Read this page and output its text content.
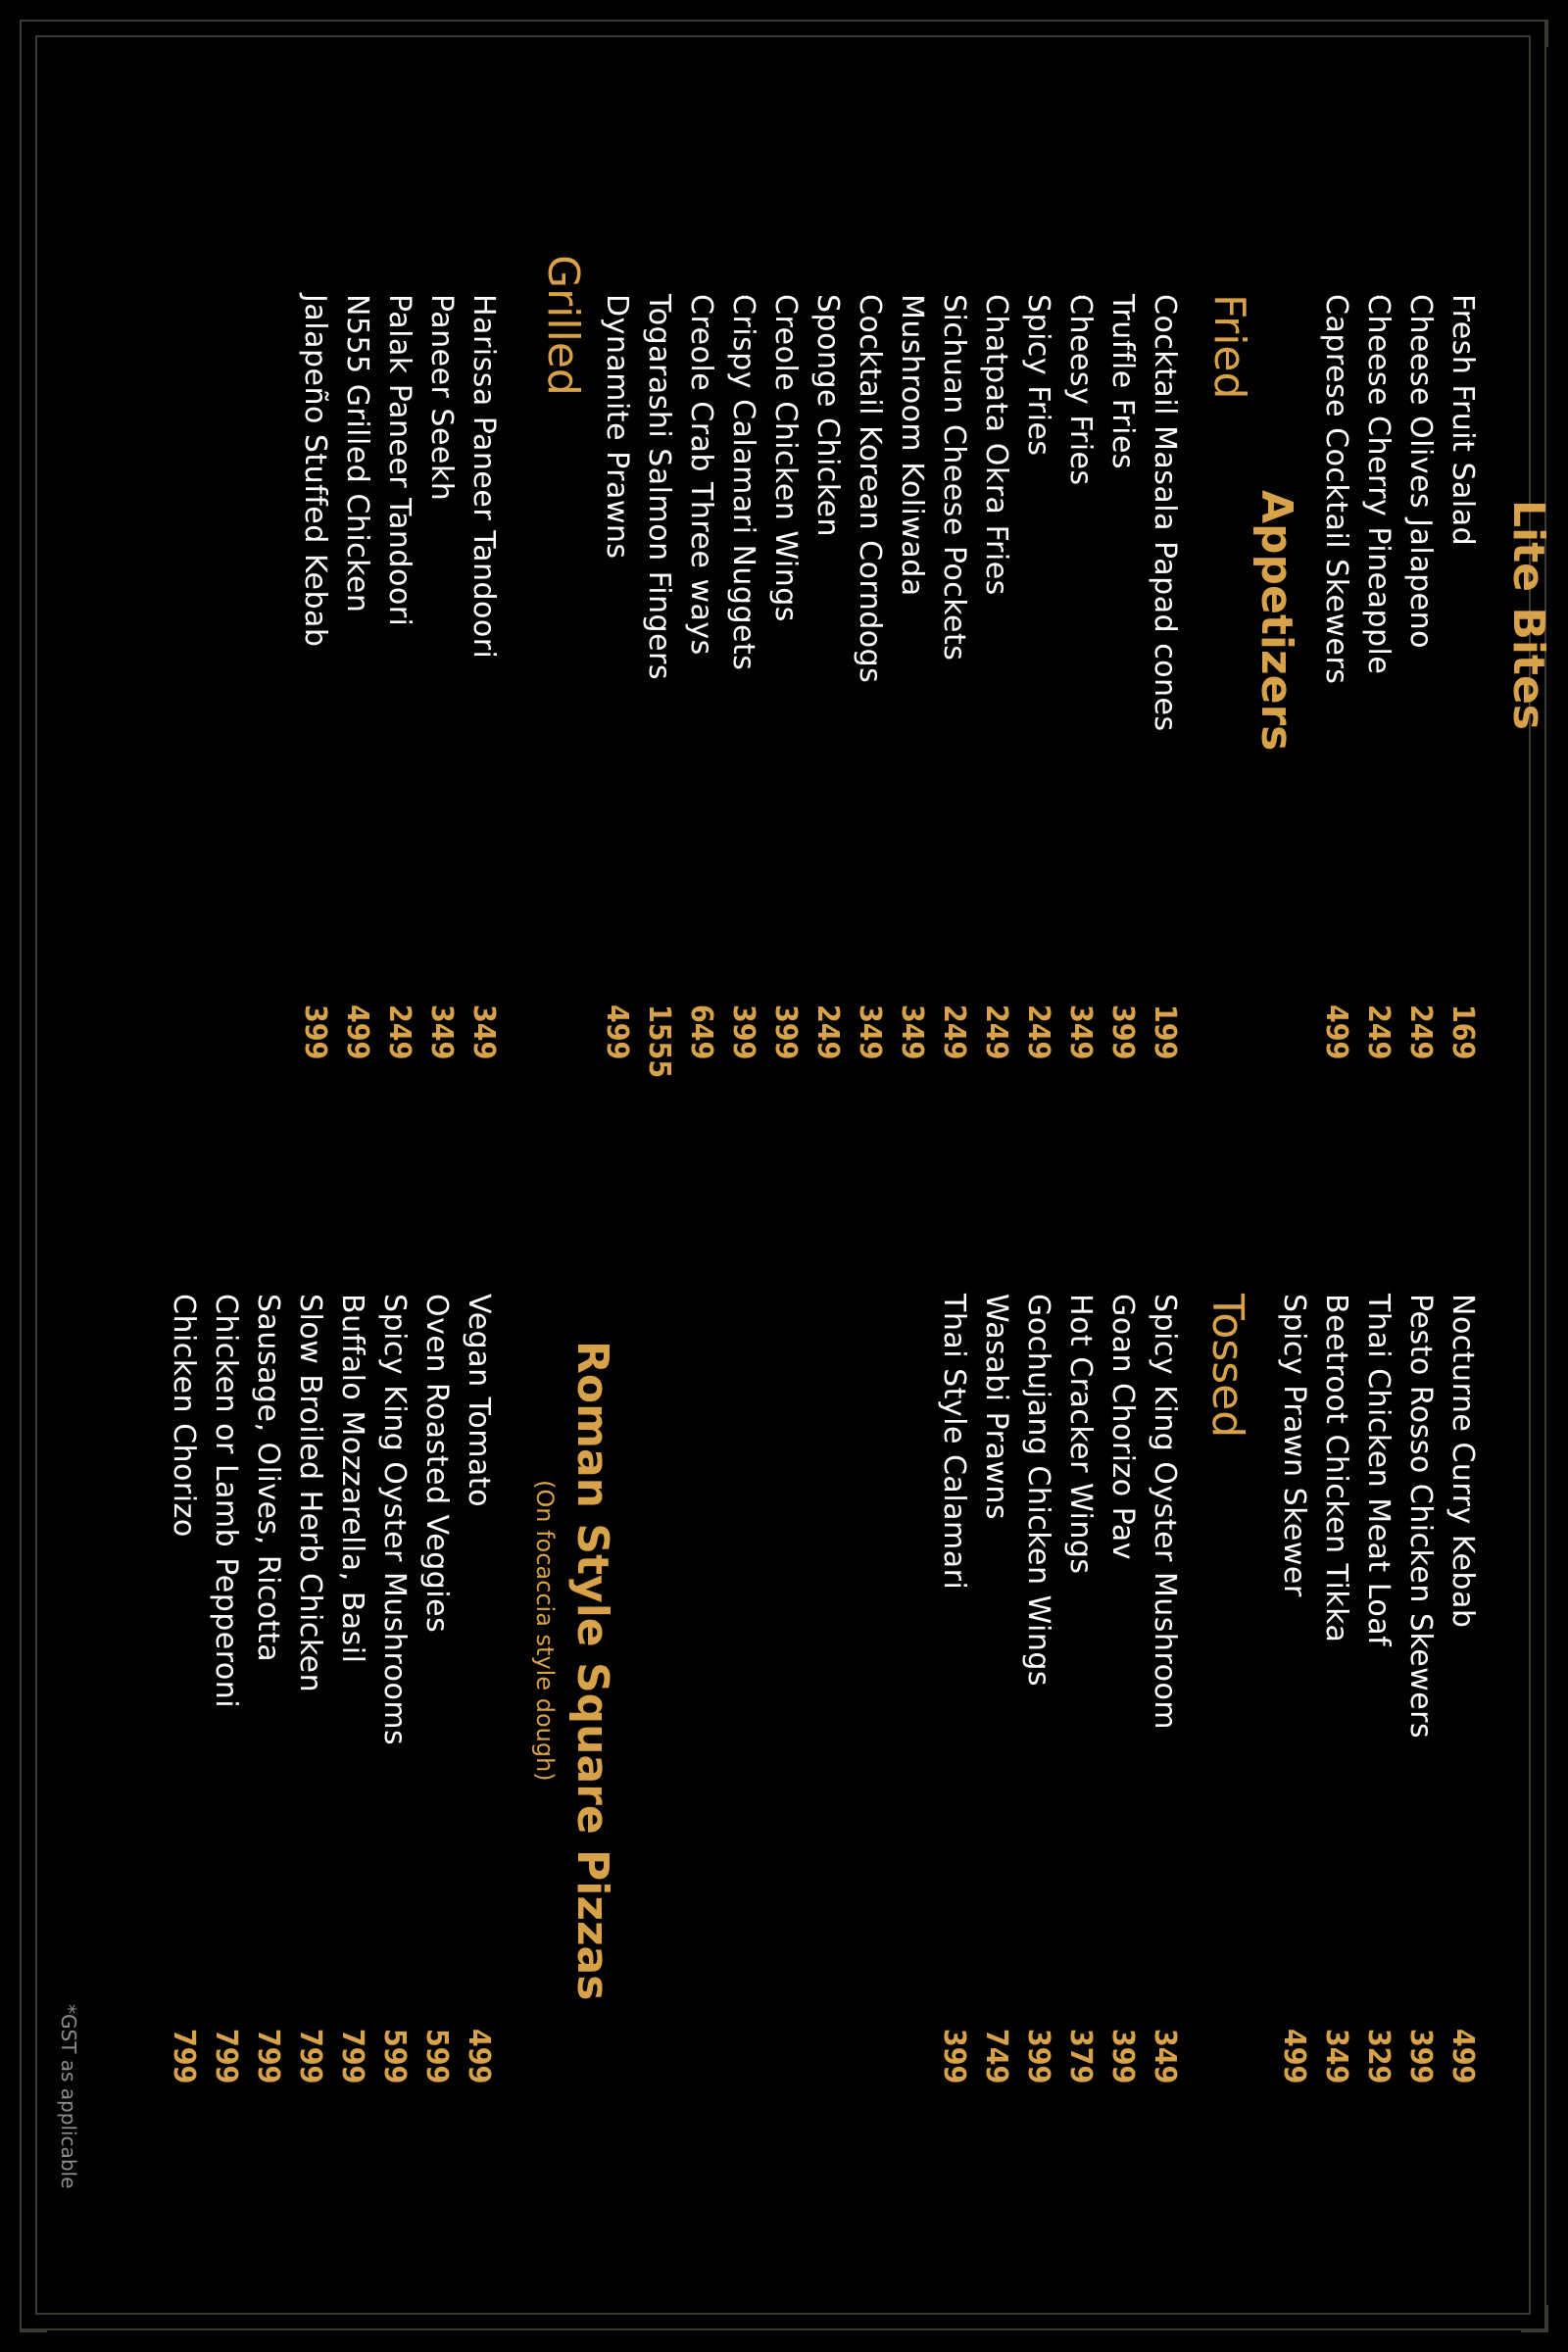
Lite Bites
Fresh Fruit Salad
169
Cheese Olives Jalapeno
249
Cheese Cherry Pineapple
249
Caprese Cocktail Skewers
499
Appetizers
Fried
Cocktail Masala Papad cones
199
Truffle Fries
399
Cheesy Fries
349
Spicy Fries
249
Chatpata Okra Fries
249
Sichuan Cheese Pockets
249
Mushroom Koliwada
349
Cocktail Korean Corndogs
349
Sponge Chicken
249
Creole Chicken Wings
399
Crispy Calamari Nuggets
399
Creole Crab Three ways
649
Togarashi Salmon Fingers
1555
Dynamite Prawns
499
Grilled
Harissa Paneer Tandoori
349
Paneer Seekh
349
Palak Paneer Tandoori
249
N555 Grilled Chicken
499
Jalapeño Stuffed Kebab
399
Nocturne Curry Kebab
499
Pesto Rosso Chicken Skewers
399
Thai Chicken Meat Loaf
329
Beetroot Chicken Tikka
349
Spicy Prawn Skewer
499
Tossed
Spicy King Oyster Mushroom
349
Goan Chorizo Pav
399
Hot Cracker Wings
379
Gochujang Chicken Wings
399
Wasabi Prawns
749
Thai Style Calamari
399
Roman Style Square Pizzas
(On focaccia style dough)
Vegan Tomato
499
Oven Roasted Veggies
599
Spicy King Oyster Mushrooms
599
Buffalo Mozzarella, Basil
799
Slow Broiled Herb Chicken
799
Sausage, Olives, Ricotta
799
Chicken or Lamb Pepperoni
799
Chicken Chorizo
799
*GST as applicable
